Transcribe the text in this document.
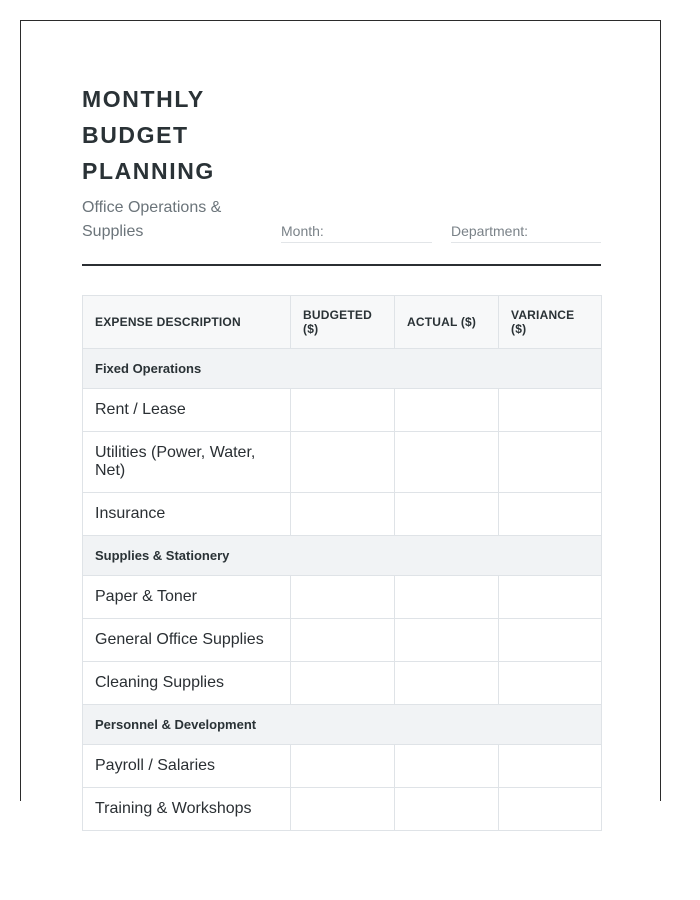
MONTHLY
BUDGET
PLANNING
Office Operations & Supplies	Month:	Department:
EXPENSE DESCRIPTION	BUDGETED ($)	ACTUAL ($)	VARIANCE ($)
Fixed Operations			
Rent / Lease			
Utilities (Power, Water, Net)			
Insurance			
Supplies & Stationery			
Paper & Toner			
General Office Supplies			
Cleaning Supplies			
Personnel & Development			
Payroll / Salaries			
Training & Workshops			
